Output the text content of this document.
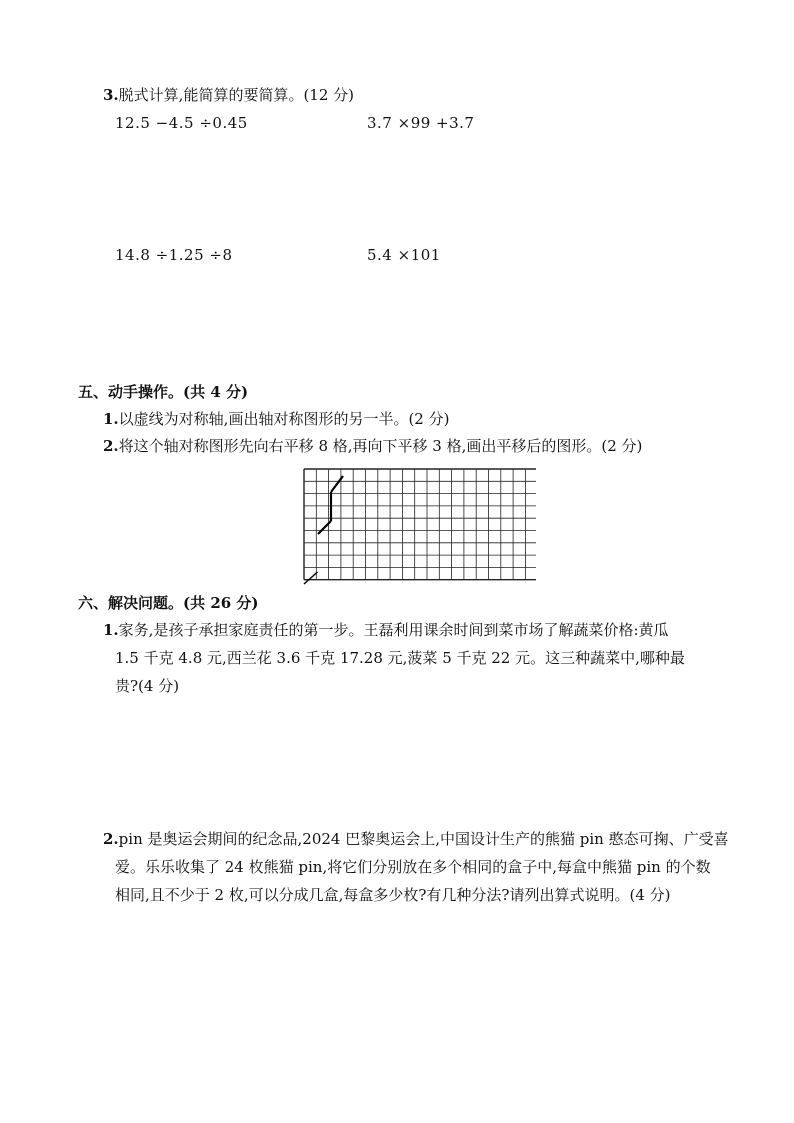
3.脱式计算,能简算的要简算。(12 分)
12.5 −4.5 ÷0.45	3.7 ×99 +3.7
14.8 ÷1.25 ÷8	5.4 ×101
五、动手操作。(共 4 分)
1.以虚线为对称轴,画出轴对称图形的另一半。(2 分)
2.将这个轴对称图形先向右平移 8 格,再向下平移 3 格,画出平移后的图形。(2 分)
六、解决问题。(共 26 分)
1.家务,是孩子承担家庭责任的第一步。王磊利用课余时间到菜市场了解蔬菜价格:黄瓜
1.5 千克 4.8 元,西兰花 3.6 千克 17.28 元,菠菜 5 千克 22 元。这三种蔬菜中,哪种最
贵?(4 分)
2.pin 是奥运会期间的纪念品,2024 巴黎奥运会上,中国设计生产的熊猫 pin 憨态可掬、广受喜
爱。乐乐收集了 24 枚熊猫 pin,将它们分别放在多个相同的盒子中,每盒中熊猫 pin 的个数
相同,且不少于 2 枚,可以分成几盒,每盒多少枚?有几种分法?请列出算式说明。(4 分)
